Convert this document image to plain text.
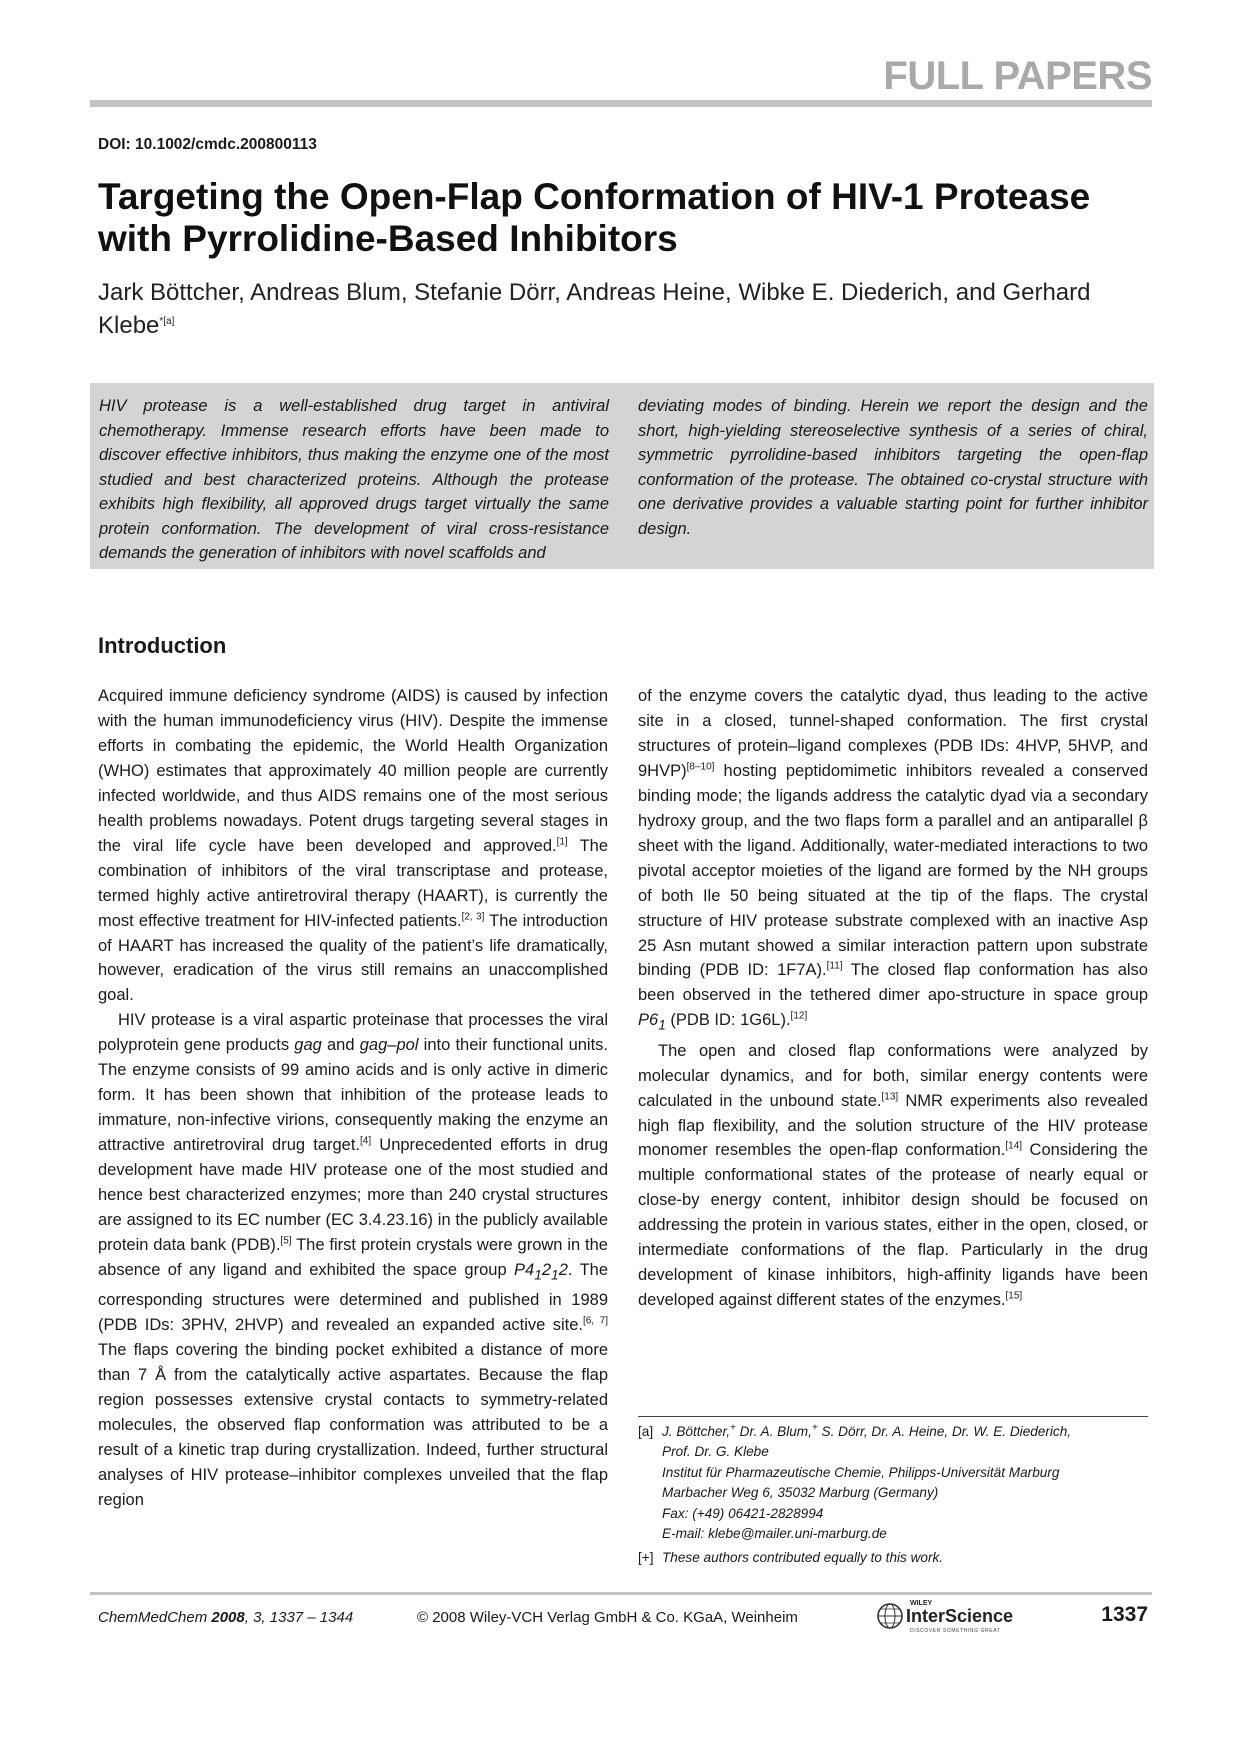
FULL PAPERS
DOI: 10.1002/cmdc.200800113
Targeting the Open-Flap Conformation of HIV-1 Protease with Pyrrolidine-Based Inhibitors
Jark Böttcher, Andreas Blum, Stefanie Dörr, Andreas Heine, Wibke E. Diederich, and Gerhard Klebe$^{*[a]}$
HIV protease is a well-established drug target in antiviral chemotherapy. Immense research efforts have been made to discover effective inhibitors, thus making the enzyme one of the most studied and best characterized proteins. Although the protease exhibits high flexibility, all approved drugs target virtually the same protein conformation. The development of viral cross-resistance demands the generation of inhibitors with novel scaffolds and
deviating modes of binding. Herein we report the design and the short, high-yielding stereoselective synthesis of a series of chiral, symmetric pyrrolidine-based inhibitors targeting the open-flap conformation of the protease. The obtained co-crystal structure with one derivative provides a valuable starting point for further inhibitor design.
Introduction

Acquired immune deficiency syndrome (AIDS) is caused by infection with the human immunodeficiency virus (HIV). Despite the immense efforts in combating the epidemic, the World Health Organization (WHO) estimates that approximately 40 million people are currently infected worldwide, and thus AIDS remains one of the most serious health problems nowadays. Potent drugs targeting several stages in the viral life cycle have been developed and approved.[1] The combination of inhibitors of the viral transcriptase and protease, termed highly active antiretroviral therapy (HAART), is currently the most effective treatment for HIV-infected patients.[2, 3] The introduction of HAART has increased the quality of the patient’s life dramatically, however, eradication of the virus still remains an unaccomplished goal.

HIV protease is a viral aspartic proteinase that processes the viral polyprotein gene products gag and gag–pol into their functional units. The enzyme consists of 99 amino acids and is only active in dimeric form. It has been shown that inhibition of the protease leads to immature, non-infective virions, consequently making the enzyme an attractive antiretroviral drug target.[4] Unprecedented efforts in drug development have made HIV protease one of the most studied and hence best characterized enzymes; more than 240 crystal structures are assigned to its EC number (EC 3.4.23.16) in the publicly available protein data bank (PDB).[5] The first protein crystals were grown in the absence of any ligand and exhibited the space group $P4_12_12$. The corresponding structures were determined and published in 1989 (PDB IDs: 3PHV, 2HVP) and revealed an expanded active site.[6, 7] The flaps covering the binding pocket exhibited a distance of more than 7 Å from the catalytically active aspartates. Because the flap region possesses extensive crystal contacts to symmetry-related molecules, the observed flap conformation was attributed to be a result of a kinetic trap during crystallization. Indeed, further structural analyses of HIV protease–inhibitor complexes unveiled that the flap region

of the enzyme covers the catalytic dyad, thus leading to the active site in a closed, tunnel-shaped conformation. The first crystal structures of protein–ligand complexes (PDB IDs: 4HVP, 5HVP, and 9HVP)[8–10] hosting peptidomimetic inhibitors revealed a conserved binding mode; the ligands address the catalytic dyad via a secondary hydroxy group, and the two flaps form a parallel and an antiparallel β sheet with the ligand. Additionally, water-mediated interactions to two pivotal acceptor moieties of the ligand are formed by the NH groups of both Ile 50 being situated at the tip of the flaps. The crystal structure of HIV protease substrate complexed with an inactive Asp 25 Asn mutant showed a similar interaction pattern upon substrate binding (PDB ID: 1F7A).[11] The closed flap conformation has also been observed in the tethered dimer apo-structure in space group $P6_1$ (PDB ID: 1G6L).[12]

The open and closed flap conformations were analyzed by molecular dynamics, and for both, similar energy contents were calculated in the unbound state.[13] NMR experiments also revealed high flap flexibility, and the solution structure of the HIV protease monomer resembles the open-flap conformation.[14] Considering the multiple conformational states of the protease of nearly equal or close-by energy content, inhibitor design should be focused on addressing the protein in various states, either in the open, closed, or intermediate conformations of the flap. Particularly in the drug development of kinase inhibitors, high-affinity ligands have been developed against different states of the enzymes.[15]

[a] J. Böttcher,+ Dr. A. Blum,+ S. Dörr, Dr. A. Heine, Dr. W. E. Diederich,
Prof. Dr. G. Klebe
Institut für Pharmazeutische Chemie, Philipps-Universität Marburg
Marbacher Weg 6, 35032 Marburg (Germany)
Fax: (+49) 06421-2828994
E-mail: klebe@mailer.uni-marburg.de
[+] These authors contributed equally to this work.
ChemMedChem 2008, 3, 1337 – 1344	© 2008 Wiley-VCH Verlag GmbH & Co. KGaA, Weinheim
WILEY
InterScience
DISCOVER SOMETHING GREAT
1337
